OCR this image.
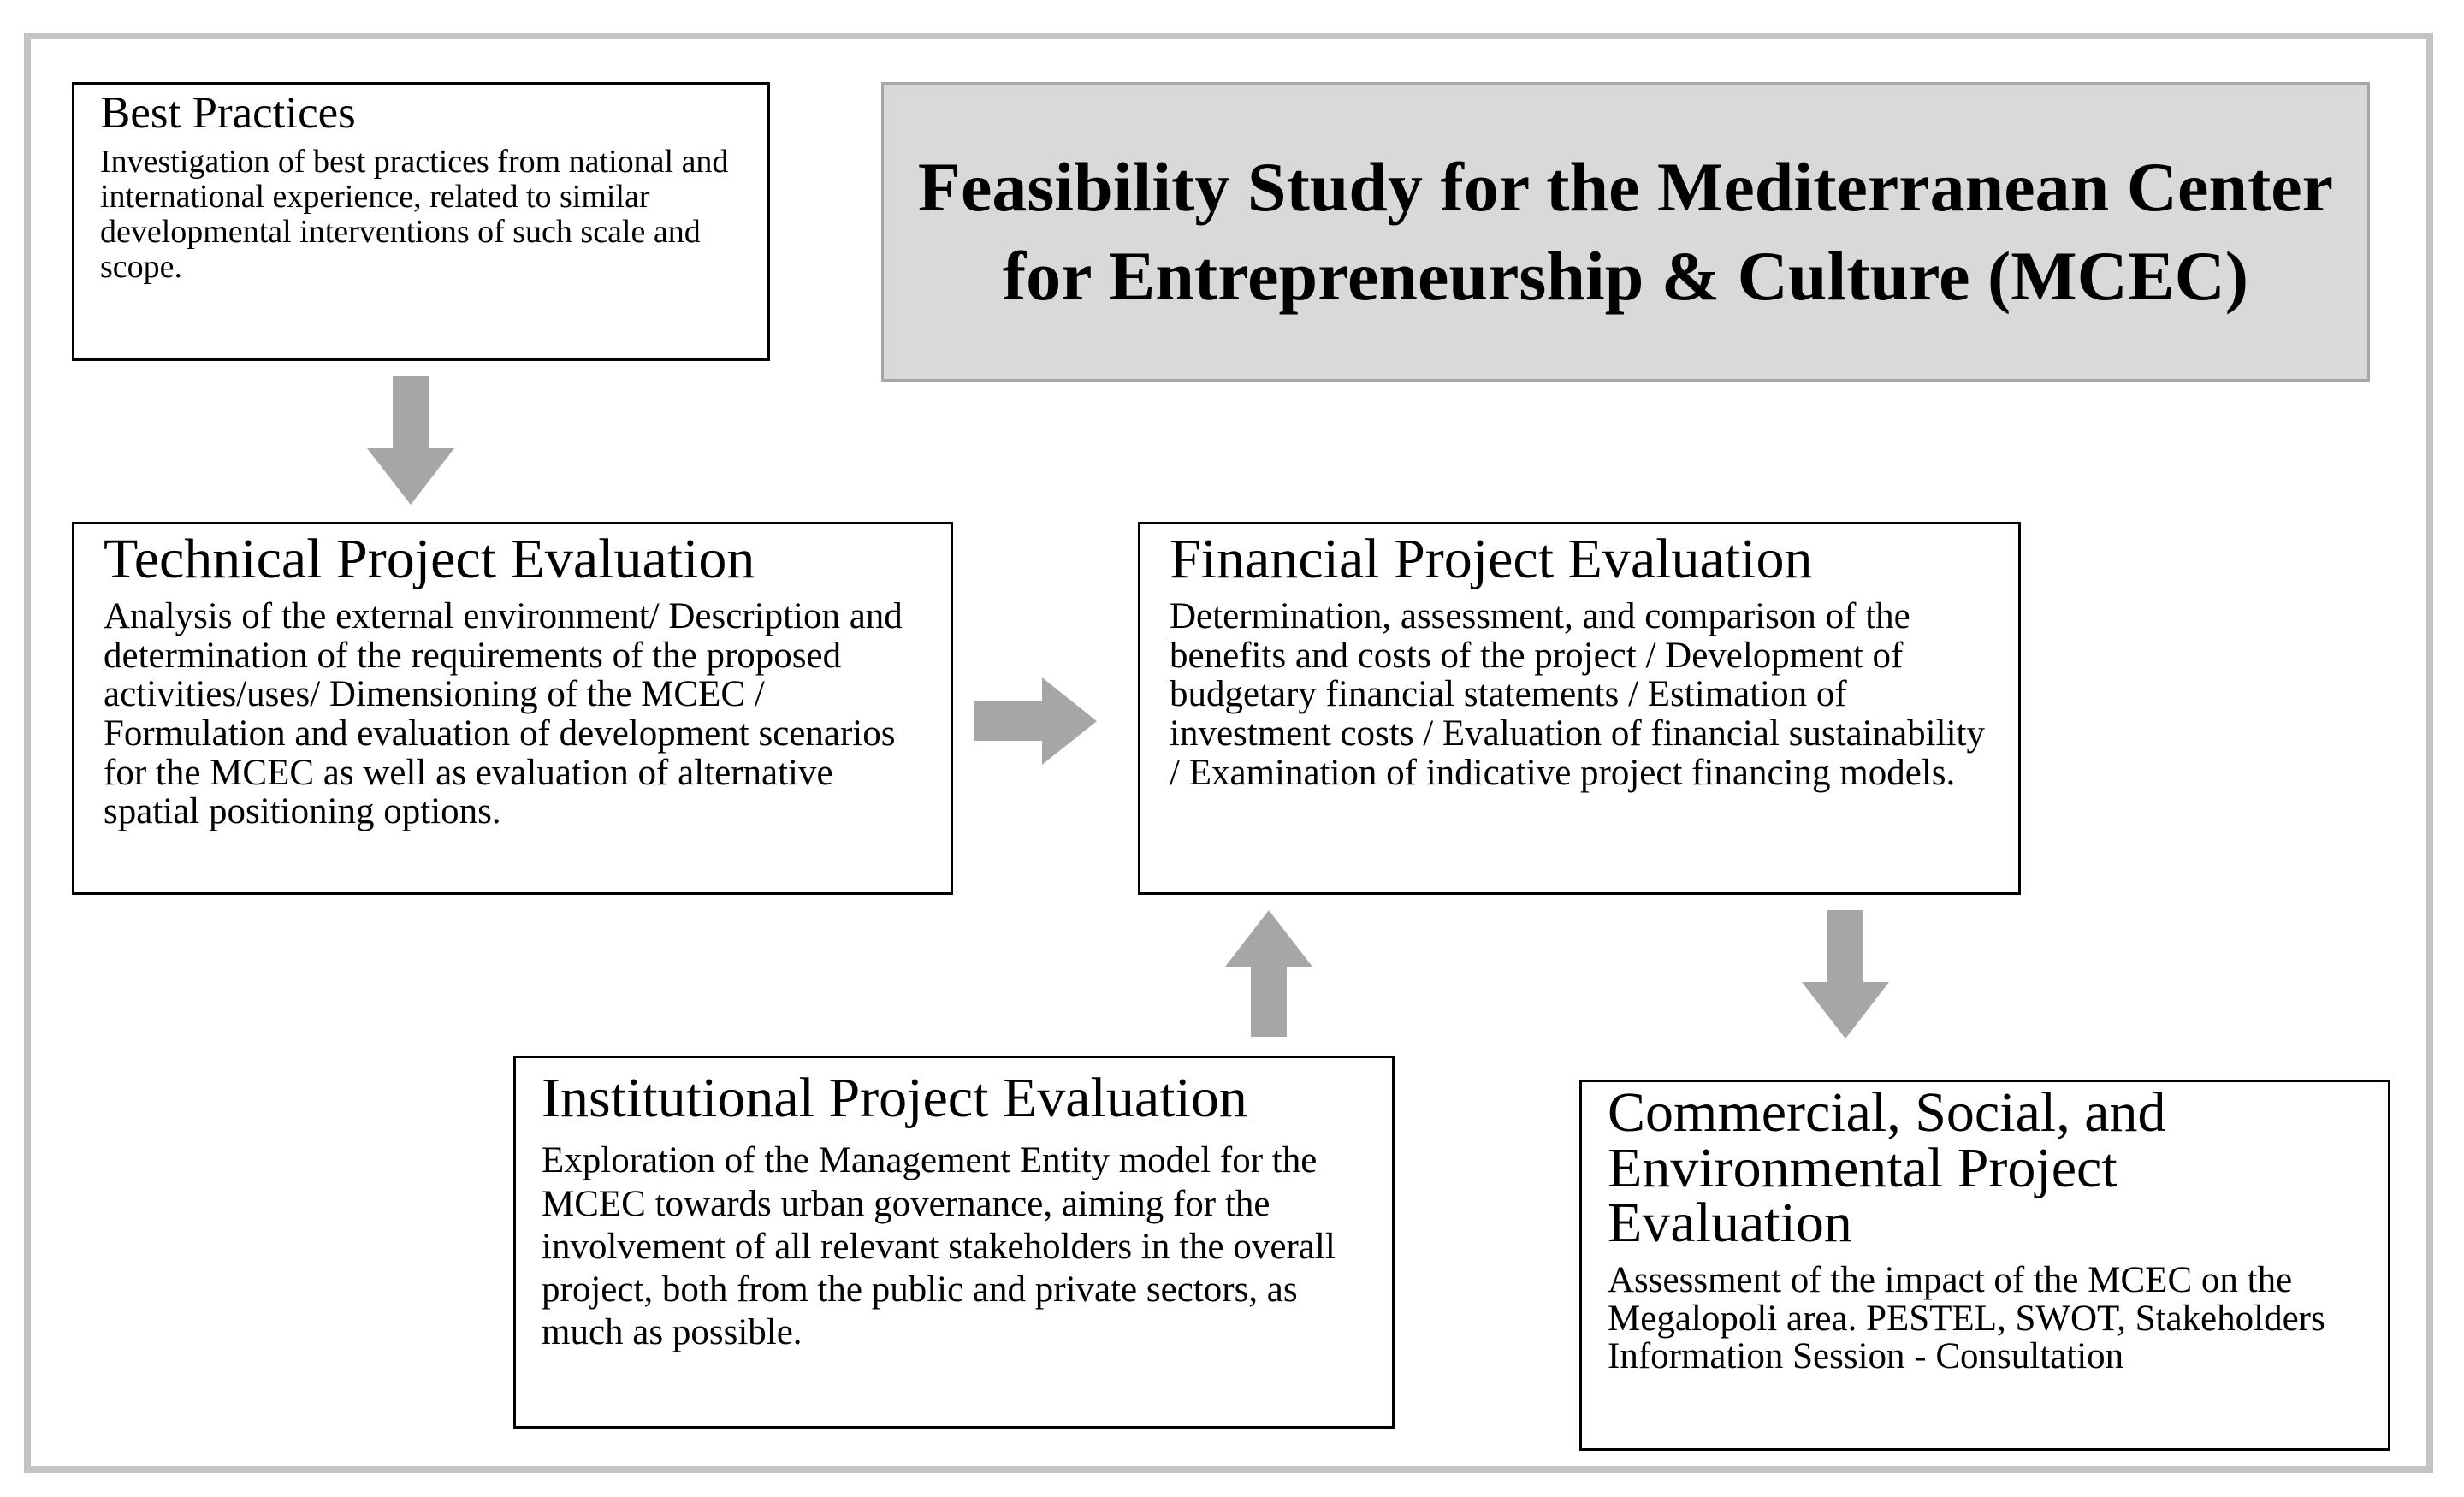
Feasibility Study for the Mediterranean Center for Entrepreneurship & Culture (MCEC)
Best Practices

Investigation of best practices from national and international experience, related to similar developmental interventions of such scale and scope.

Technical Project Evaluation

Analysis of the external environment/ Description and determination of the requirements of the proposed activities/uses/ Dimensioning of the MCEC / Formulation and evaluation of development scenarios for the MCEC as well as evaluation of alternative spatial positioning options.

Financial Project Evaluation

Determination, assessment, and comparison of the benefits and costs of the project / Development of budgetary financial statements / Estimation of investment costs / Evaluation of financial sustainability / Examination of indicative project financing models.

Institutional Project Evaluation

Exploration of the Management Entity model for the MCEC towards urban governance, aiming for the involvement of all relevant stakeholders in the overall project, both from the public and private sectors, as much as possible.

Commercial, Social, and Environmental Project Evaluation

Assessment of the impact of the MCEC on the Megalopoli area. PESTEL, SWOT, Stakeholders Information Session - Consultation
